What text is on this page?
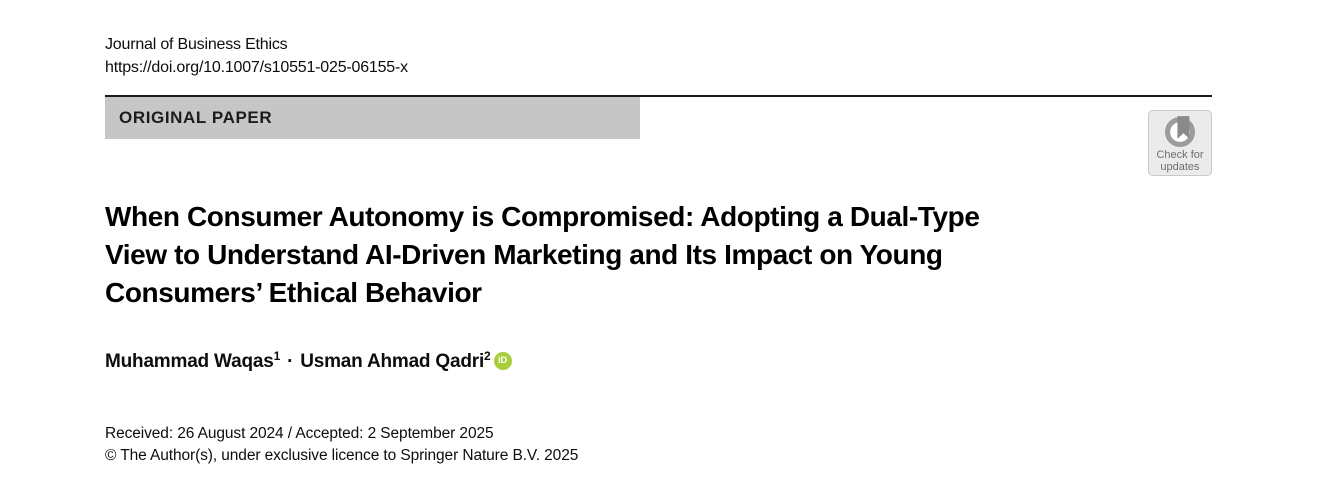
Journal of Business Ethics
https://doi.org/10.1007/s10551-025-06155-x
ORIGINAL PAPER
Check for
updates
When Consumer Autonomy is Compromised: Adopting a Dual-Type
View to Understand AI-Driven Marketing and Its Impact on Young
Consumers’ Ethical Behavior
Muhammad Waqas 1 · Usman Ahmad Qadri 2 iD
Received: 26 August 2024 / Accepted: 2 September 2025
© The Author(s), under exclusive licence to Springer Nature B.V. 2025
